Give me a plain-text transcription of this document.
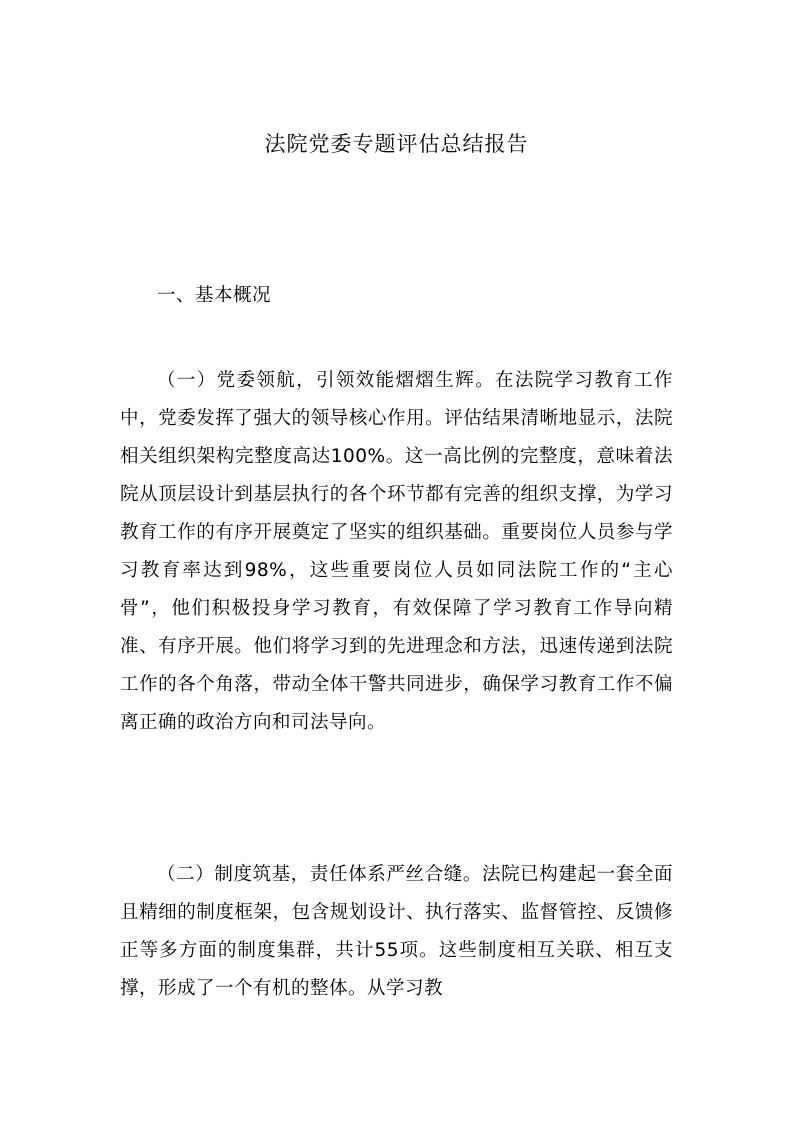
法院党委专题评估总结报告
一、基本概况

（一）党委领航，引领效能熠熠生辉。在法院学习教育工作中，党委发挥了强大的领导核心作用。评估结果清晰地显示，法院相关组织架构完整度高达100%。这一高比例的完整度，意味着法院从顶层设计到基层执行的各个环节都有完善的组织支撑，为学习教育工作的有序开展奠定了坚实的组织基础。重要岗位人员参与学习教育率达到98%，这些重要岗位人员如同法院工作的“主心骨”，他们积极投身学习教育，有效保障了学习教育工作导向精准、有序开展。他们将学习到的先进理念和方法，迅速传递到法院工作的各个角落，带动全体干警共同进步，确保学习教育工作不偏离正确的政治方向和司法导向。

（二）制度筑基，责任体系严丝合缝。法院已构建起一套全面且精细的制度框架，包含规划设计、执行落实、监督管控、反馈修正等多方面的制度集群，共计55项。这些制度相互关联、相互支撑，形成了一个有机的整体。从学习教
